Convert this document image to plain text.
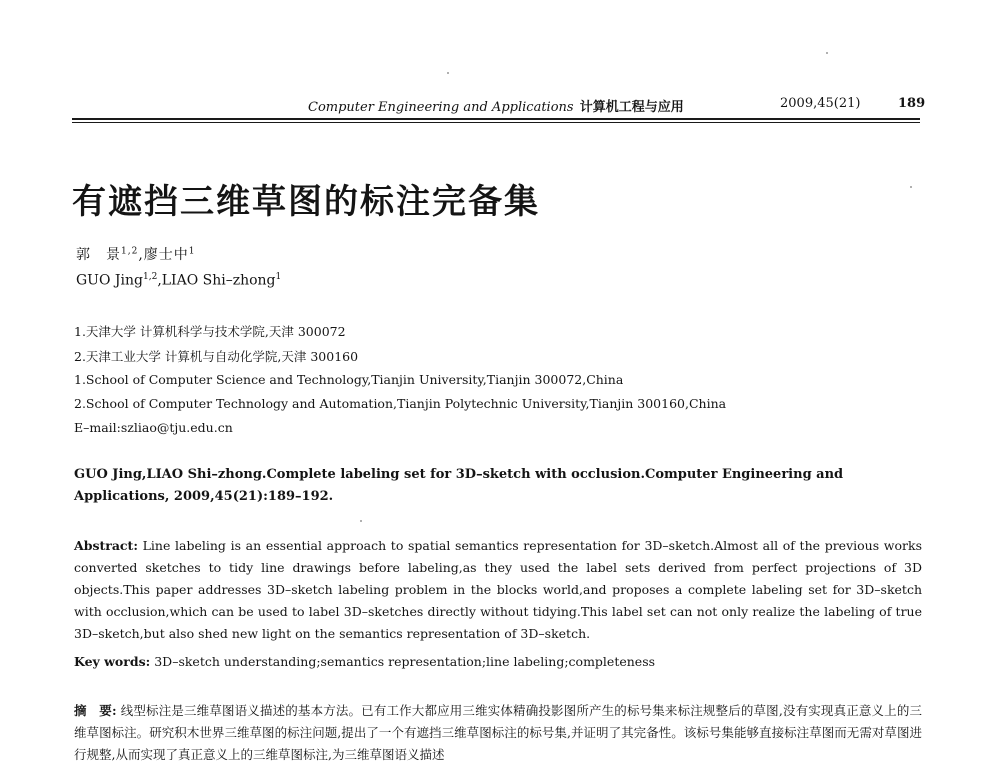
Computer Engineering and Applications 计算机工程与应用	2009,45(21)	189
有遮挡三维草图的标注完备集
郭　景$^{1,2}$,廖士中$^1$
GUO Jing$^{1,2}$,LIAO Shi–zhong$^1$
1.天津大学 计算机科学与技术学院,天津 300072
2.天津工业大学 计算机与自动化学院,天津 300160
1.School of Computer Science and Technology,Tianjin University,Tianjin 300072,China
2.School of Computer Technology and Automation,Tianjin Polytechnic University,Tianjin 300160,China
E–mail:szliao@tju.edu.cn
GUO Jing,LIAO Shi–zhong.Complete labeling set for 3D–sketch with occlusion.Computer Engineering and Applications, 2009,45(21):189–192.
Abstract: Line labeling is an essential approach to spatial semantics representation for 3D–sketch.Almost all of the previous works converted sketches to tidy line drawings before labeling,as they used the label sets derived from perfect projections of 3D objects.This paper addresses 3D–sketch labeling problem in the blocks world,and proposes a complete labeling set for 3D–sketch with occlusion,which can be used to label 3D–sketches directly without tidying.This label set can not only realize the labeling of true 3D–sketch,but also shed new light on the semantics representation of 3D–sketch.
Key words: 3D–sketch understanding;semantics representation;line labeling;completeness
摘　要: 线型标注是三维草图语义描述的基本方法。已有工作大都应用三维实体精确投影图所产生的标号集来标注规整后的草图,没有实现真正意义上的三维草图标注。研究积木世界三维草图的标注问题,提出了一个有遮挡三维草图标注的标号集,并证明了其完备性。该标号集能够直接标注草图而无需对草图进行规整,从而实现了真正意义上的三维草图标注,为三维草图语义描述
